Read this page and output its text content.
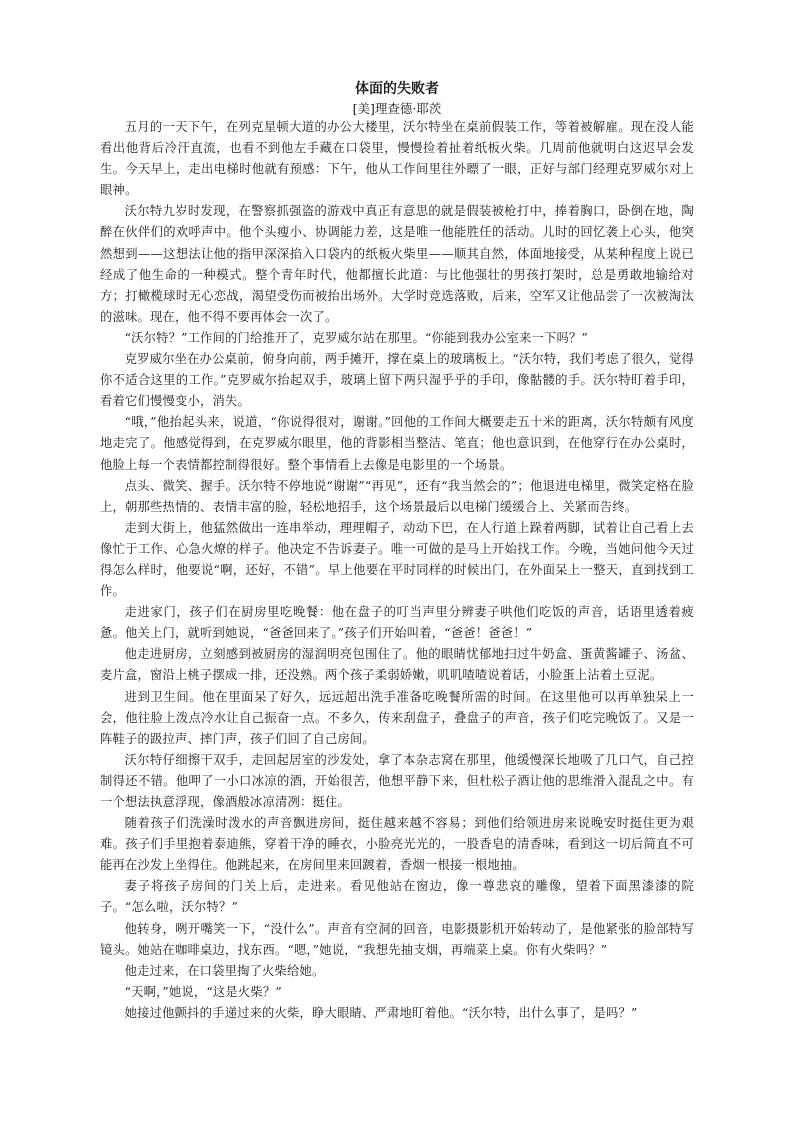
体面的失败者
[美]理查德·耶茨

五月的一天下午，在列克星顿大道的办公大楼里，沃尔特坐在桌前假装工作，等着被解雇。现在没人能看出他背后冷汗直流，也看不到他左手藏在口袋里，慢慢捡着扯着纸板火柴。几周前他就明白这迟早会发生。今天早上，走出电梯时他就有预感：下午，他从工作间里往外瞟了一眼，正好与部门经理克罗威尔对上眼神。

沃尔特九岁时发现，在警察抓强盗的游戏中真正有意思的就是假装被枪打中，捧着胸口，卧倒在地，陶醉在伙伴们的欢呼声中。他个头瘦小、协调能力差，这是唯一他能胜任的活动。儿时的回忆袭上心头，他突然想到——这想法让他的指甲深深掐入口袋内的纸板火柴里——顺其自然，体面地接受，从某种程度上说已经成了他生命的一种模式。整个青年时代，他都擅长此道：与比他强壮的男孩打架时，总是勇敢地输给对方；打橄榄球时无心恋战，渴望受伤而被抬出场外。大学时竞选落败，后来，空军又让他品尝了一次被淘汰的滋味。现在，他不得不要再体会一次了。

“沃尔特？”工作间的门给推开了，克罗威尔站在那里。“你能到我办公室来一下吗？”

克罗威尔坐在办公桌前，俯身向前，两手摊开，撑在桌上的玻璃板上。“沃尔特，我们考虑了很久，觉得你不适合这里的工作。”克罗威尔抬起双手，玻璃上留下两只湿乎乎的手印，像骷髅的手。沃尔特盯着手印，看着它们慢慢变小，消失。

“哦，”他抬起头来，说道，“你说得很对，谢谢。”回他的工作间大概要走五十米的距离，沃尔特颇有风度地走完了。他感觉得到，在克罗威尔眼里，他的背影相当整洁、笔直；他也意识到，在他穿行在办公桌时，他脸上每一个表情都控制得很好。整个事情看上去像是电影里的一个场景。

点头、微笑、握手。沃尔特不停地说“谢谢”“再见”，还有“我当然会的”；他退进电梯里，微笑定格在脸上，朝那些热情的、表情丰富的脸，轻松地招手，这个场景最后以电梯门缓缓合上、关紧而告终。

走到大街上，他猛然做出一连串举动，理理帽子，动动下巴，在人行道上跺着两脚，试着让自己看上去像忙于工作、心急火燎的样子。他决定不告诉妻子。唯一可做的是马上开始找工作。今晚，当她问他今天过得怎么样时，他要说“啊，还好，不错”。早上他要在平时同样的时候出门，在外面呆上一整天，直到找到工作。

走进家门，孩子们在厨房里吃晚餐：他在盘子的叮当声里分辨妻子哄他们吃饭的声音，话语里透着疲惫。他关上门，就听到她说，“爸爸回来了。”孩子们开始叫着，“爸爸！爸爸！”

他走进厨房，立刻感到被厨房的湿润明亮包围住了。他的眼睛忧郁地扫过牛奶盒、蛋黄酱罐子、汤盆、麦片盒，窗沿上桃子摆成一排，还没熟。两个孩子柔弱娇嫩，叽叽喳喳说着话，小脸蛋上沾着土豆泥。

进到卫生间。他在里面呆了好久，远远超出洗手准备吃晚餐所需的时间。在这里他可以再单独呆上一会，他往脸上泼点冷水让自己振奋一点。不多久，传来刮盘子，叠盘子的声音，孩子们吃完晚饭了。又是一阵鞋子的趿拉声、摔门声，孩子们回了自己房间。

沃尔特仔细擦干双手，走回起居室的沙发处，拿了本杂志窝在那里，他缓慢深长地吸了几口气，自己控制得还不错。他呷了一小口冰凉的酒，开始很苦，他想平静下来，但杜松子酒让他的思维滑入混乱之中。有一个想法执意浮现，像酒般冰凉清冽：挺住。

随着孩子们洗澡时泼水的声音飘进房间，挺住越来越不容易；到他们给领进房来说晚安时挺住更为艰难。孩子们手里抱着泰迪熊，穿着干净的睡衣，小脸亮光光的，一股香皂的清香味，看到这一切后简直不可能再在沙发上坐得住。他跳起来，在房间里来回踱着，香烟一根接一根地抽。

妻子将孩子房间的门关上后，走进来。看见他站在窗边，像一尊悲哀的雕像，望着下面黑漆漆的院子。“怎么啦，沃尔特？”

他转身，咧开嘴笑一下，“没什么”。声音有空洞的回音，电影摄影机开始转动了，是他紧张的脸部特写镜头。她站在咖啡桌边，找东西。“嗯，”她说，“我想先抽支烟，再端菜上桌。你有火柴吗？”

他走过来，在口袋里掏了火柴给她。

“天啊，”她说，“这是火柴？”

她接过他颤抖的手递过来的火柴，睁大眼睛、严肃地盯着他。“沃尔特，出什么事了，是吗？”
